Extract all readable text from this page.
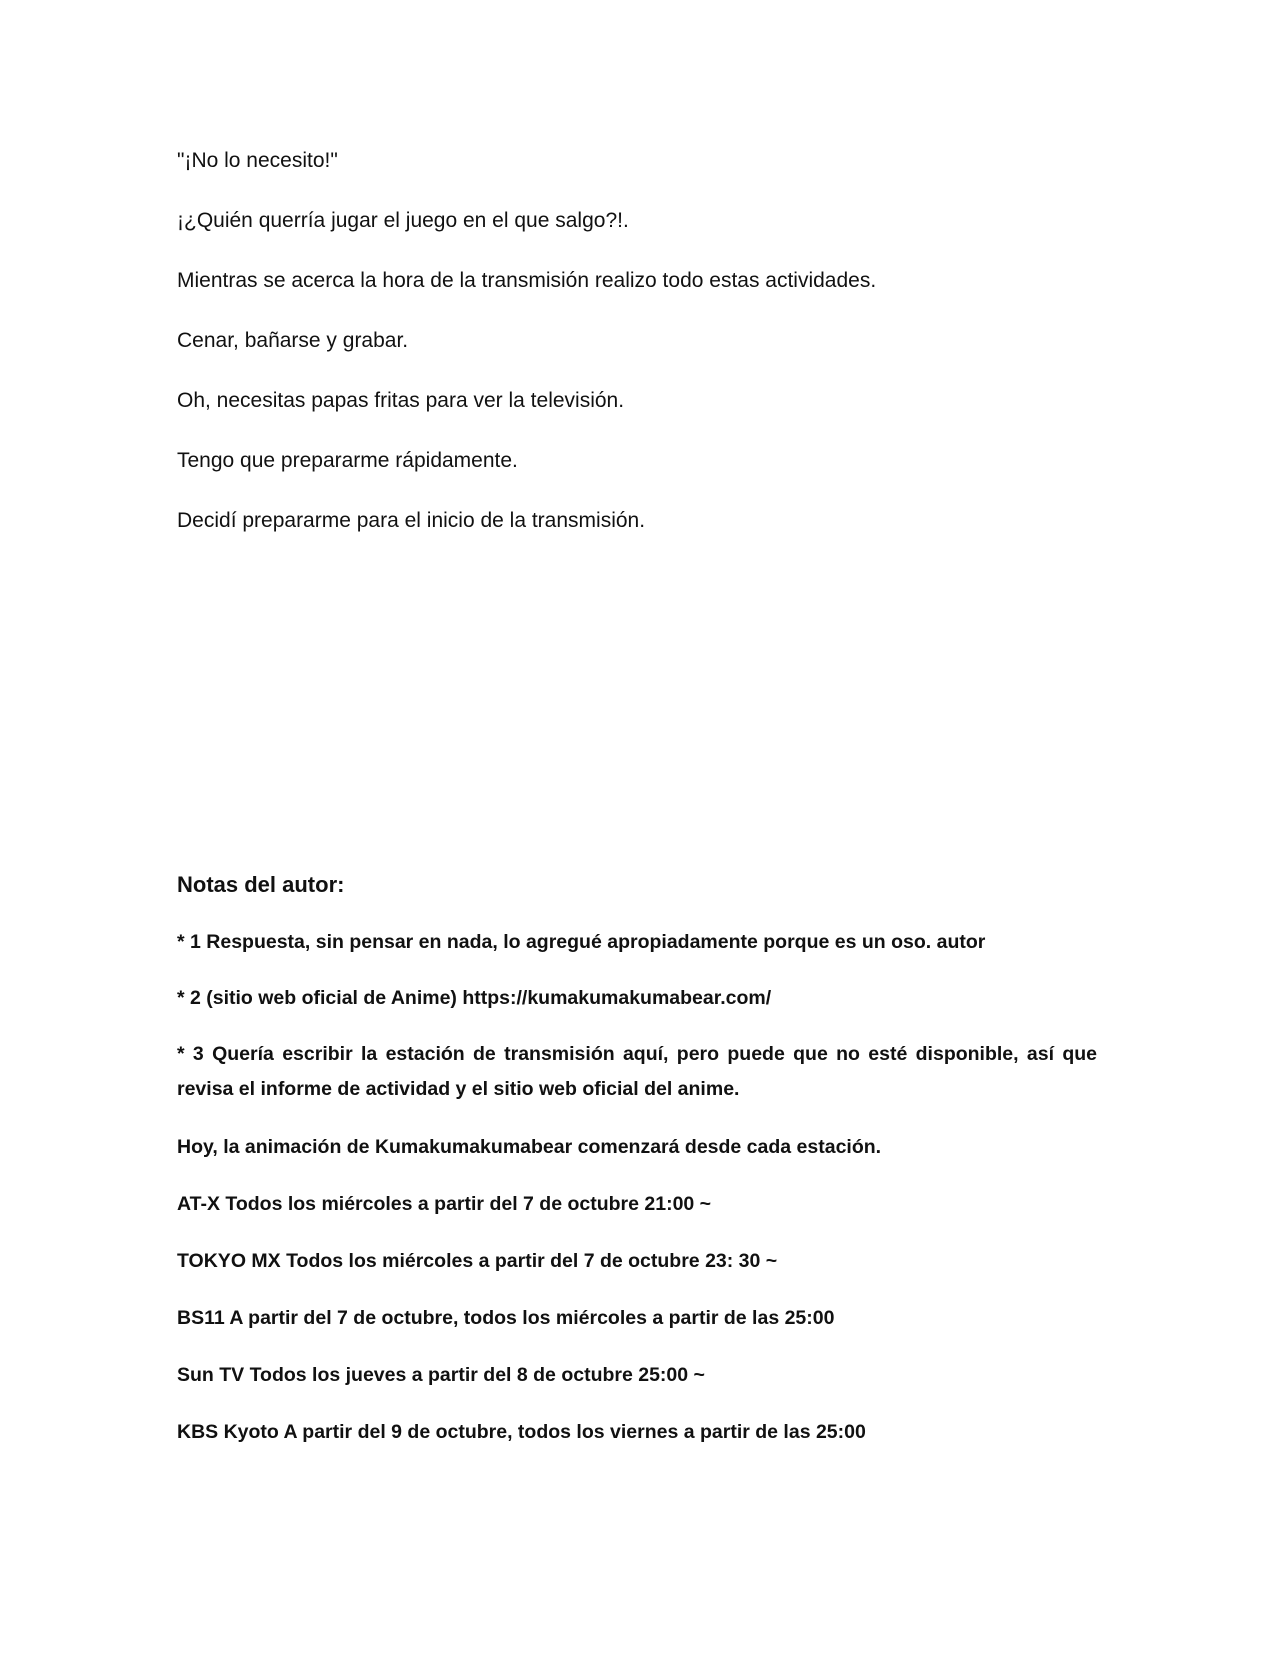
"¡No lo necesito!"

¡¿Quién querría jugar el juego en el que salgo?!.

Mientras se acerca la hora de la transmisión realizo todo estas actividades.

Cenar, bañarse y grabar.

Oh, necesitas papas fritas para ver la televisión.

Tengo que prepararme rápidamente.

Decidí prepararme para el inicio de la transmisión.

Notas del autor:

* 1 Respuesta, sin pensar en nada, lo agregué apropiadamente porque es un oso. autor

* 2 (sitio web oficial de Anime) https://kumakumakumabear.com/

* 3 Quería escribir la estación de transmisión aquí, pero puede que no esté disponible, así que revisa el informe de actividad y el sitio web oficial del anime.

Hoy, la animación de Kumakumakumabear comenzará desde cada estación.

AT-X Todos los miércoles a partir del 7 de octubre 21:00 ~

TOKYO MX Todos los miércoles a partir del 7 de octubre 23: 30 ~

BS11 A partir del 7 de octubre, todos los miércoles a partir de las 25:00

Sun TV Todos los jueves a partir del 8 de octubre 25:00 ~

KBS Kyoto A partir del 9 de octubre, todos los viernes a partir de las 25:00
